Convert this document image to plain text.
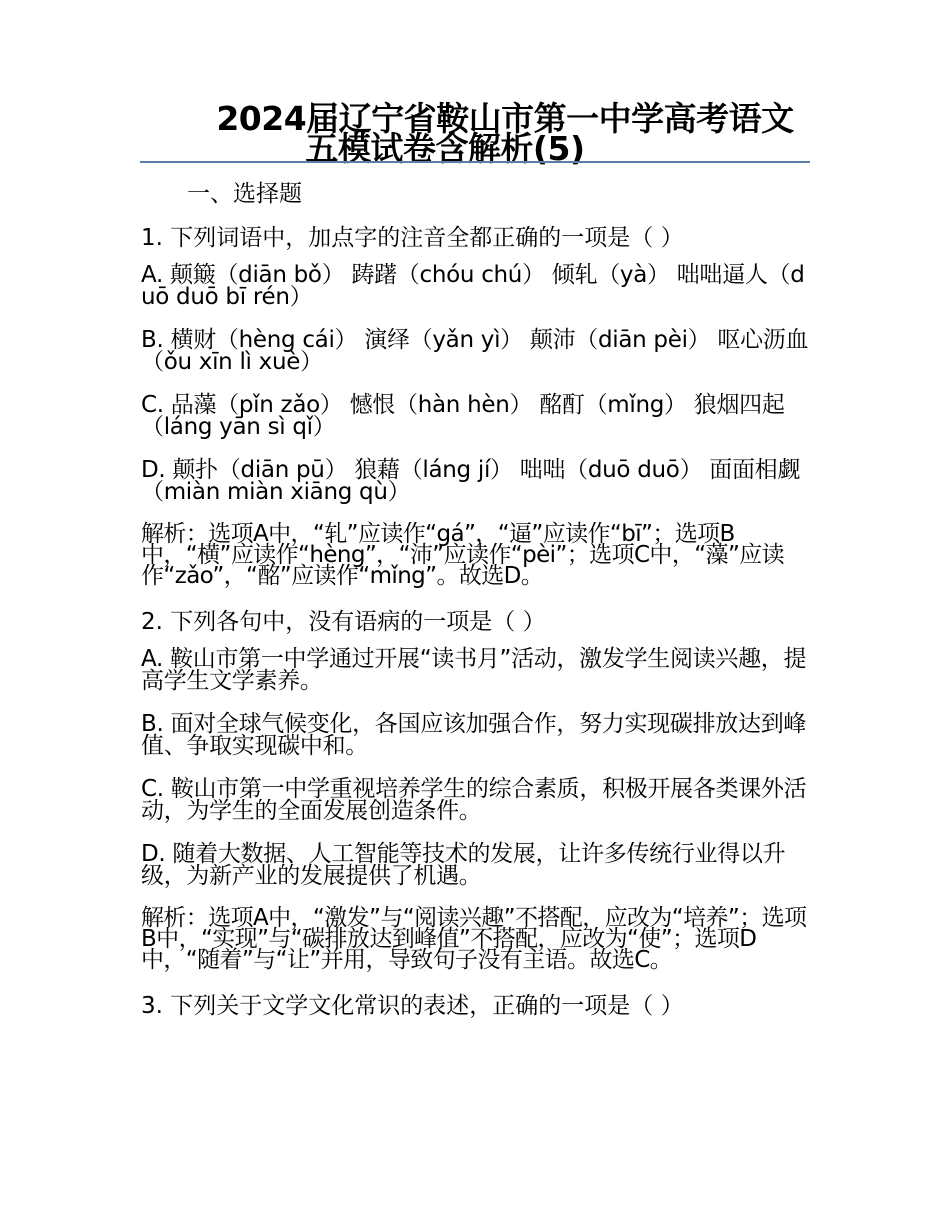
2024届辽宁省鞍山市第一中学高考语文
五模试卷含解析(5)
一、选择题
1. 下列词语中，加点字的注音全都正确的一项是（ ）
A. 颠簸（diān bǒ） 踌躇（chóu chú） 倾轧（yà） 咄咄逼人（duō duō bī rén）
B. 横财（hèng cái） 演绎（yǎn yì） 颠沛（diān pèi） 呕心沥血（ǒu xīn lì xuè）
C. 品藻（pǐn zǎo） 憾恨（hàn hèn） 酩酊（mǐng） 狼烟四起（láng yān sì qǐ）
D. 颠扑（diān pū） 狼藉（láng jí） 咄咄（duō duō） 面面相觑（miàn miàn xiāng qù）
解析：选项A中，“轧”应读作“gá”，“逼”应读作“bī”；选项B中，“横”应读作“hèng”，“沛”应读作“pèi”；选项C中，“藻”应读作“zǎo”，“酩”应读作“mǐng”。故选D。
2. 下列各句中，没有语病的一项是（ ）
A. 鞍山市第一中学通过开展“读书月”活动，激发学生阅读兴趣，提高学生文学素养。
B. 面对全球气候变化，各国应该加强合作，努力实现碳排放达到峰值、争取实现碳中和。
C. 鞍山市第一中学重视培养学生的综合素质，积极开展各类课外活动，为学生的全面发展创造条件。
D. 随着大数据、人工智能等技术的发展，让许多传统行业得以升级，为新产业的发展提供了机遇。
解析：选项A中，“激发”与“阅读兴趣”不搭配，应改为“培养”；选项B中，“实现”与“碳排放达到峰值”不搭配，应改为“使”；选项D中，“随着”与“让”并用，导致句子没有主语。故选C。
3. 下列关于文学文化常识的表述，正确的一项是（ ）
